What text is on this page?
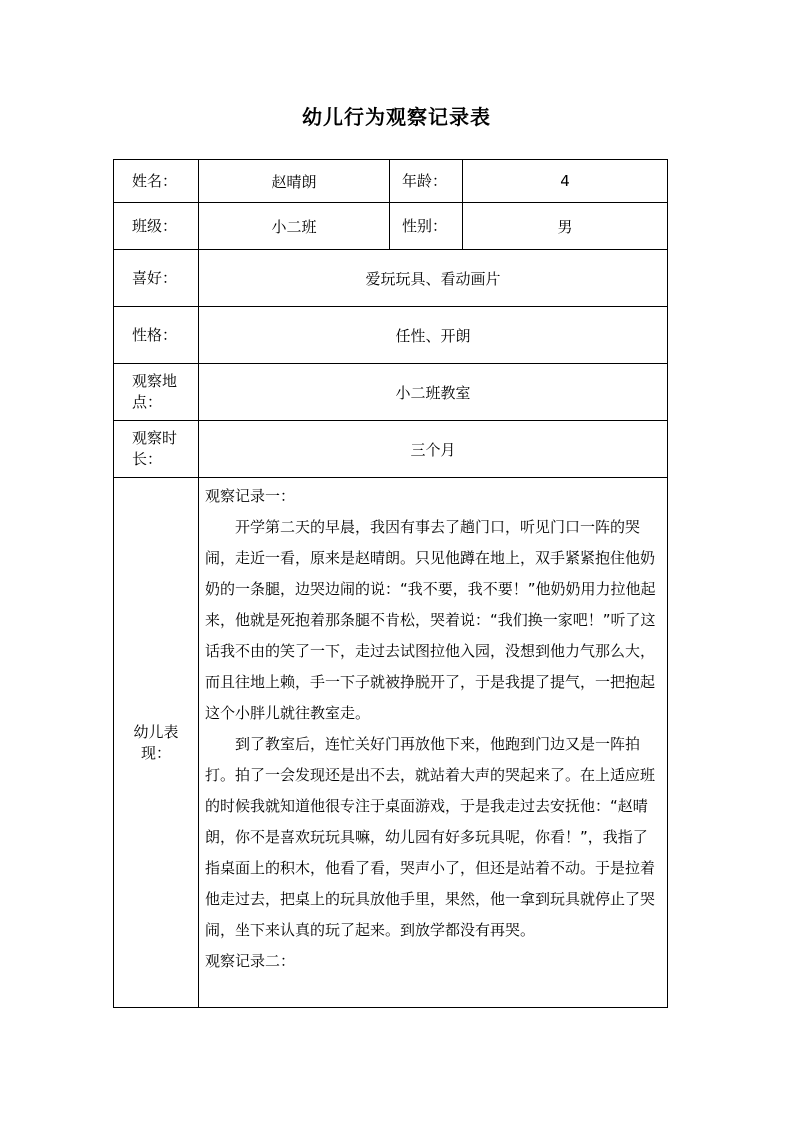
幼儿行为观察记录表
姓名：	赵晴朗	年龄：	4
班级：	小二班	性别：	男
喜好：	爱玩玩具、看动画片		
性格：	任性、开朗		
观察地点：	小二班教室		
观察时长：	三个月		
幼儿表现：	观察记录一：

开学第二天的早晨，我因有事去了趟门口，听见门口一阵的哭闹，走近一看，原来是赵晴朗。只见他蹲在地上，双手紧紧抱住他奶奶的一条腿，边哭边闹的说：“我不要，我不要！”他奶奶用力拉他起来，他就是死抱着那条腿不肯松，哭着说：“我们换一家吧！”听了这话我不由的笑了一下，走过去试图拉他入园，没想到他力气那么大，而且往地上赖，手一下子就被挣脱开了，于是我提了提气，一把抱起这个小胖儿就往教室走。

到了教室后，连忙关好门再放他下来，他跑到门边又是一阵拍打。拍了一会发现还是出不去，就站着大声的哭起来了。在上适应班的时候我就知道他很专注于桌面游戏，于是我走过去安抚他：“赵晴朗，你不是喜欢玩玩具嘛，幼儿园有好多玩具呢，你看！”，我指了指桌面上的积木，他看了看，哭声小了，但还是站着不动。于是拉着他走过去，把桌上的玩具放他手里，果然，他一拿到玩具就停止了哭闹，坐下来认真的玩了起来。到放学都没有再哭。

观察记录二：		
